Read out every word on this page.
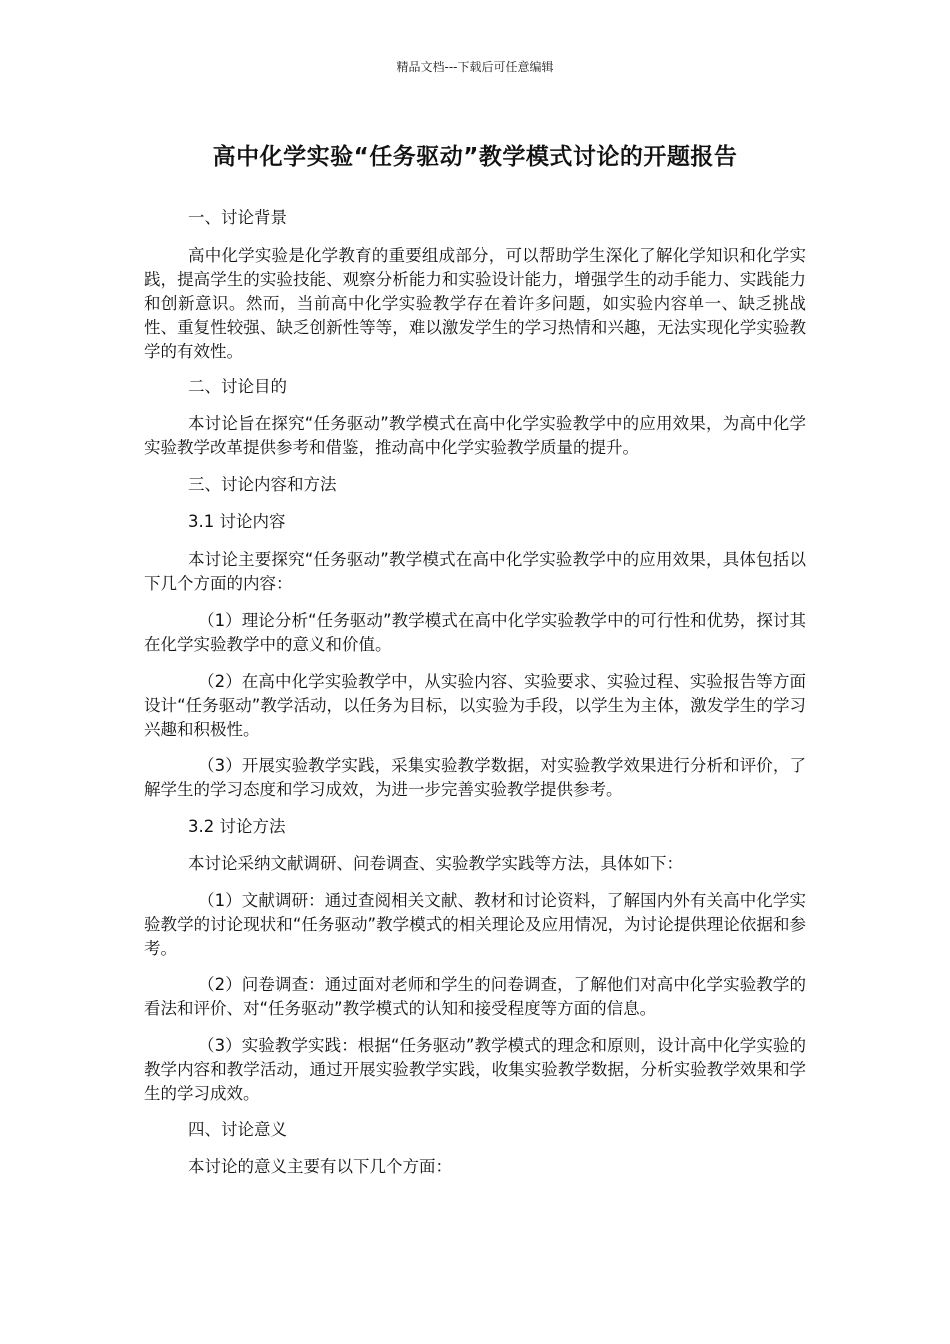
精品文档---下载后可任意编辑
高中化学实验“任务驱动”教学模式讨论的开题报告

一、讨论背景

高中化学实验是化学教育的重要组成部分，可以帮助学生深化了解化学知识和化学实践，提高学生的实验技能、观察分析能力和实验设计能力，增强学生的动手能力、实践能力和创新意识。然而，当前高中化学实验教学存在着许多问题，如实验内容单一、缺乏挑战性、重复性较强、缺乏创新性等等，难以激发学生的学习热情和兴趣，无法实现化学实验教学的有效性。

二、讨论目的

本讨论旨在探究“任务驱动”教学模式在高中化学实验教学中的应用效果，为高中化学实验教学改革提供参考和借鉴，推动高中化学实验教学质量的提升。

三、讨论内容和方法

3.1 讨论内容

本讨论主要探究“任务驱动”教学模式在高中化学实验教学中的应用效果，具体包括以下几个方面的内容：

（1）理论分析“任务驱动”教学模式在高中化学实验教学中的可行性和优势，探讨其在化学实验教学中的意义和价值。

（2）在高中化学实验教学中，从实验内容、实验要求、实验过程、实验报告等方面设计“任务驱动”教学活动，以任务为目标，以实验为手段，以学生为主体，激发学生的学习兴趣和积极性。

（3）开展实验教学实践，采集实验教学数据，对实验教学效果进行分析和评价，了解学生的学习态度和学习成效，为进一步完善实验教学提供参考。

3.2 讨论方法

本讨论采纳文献调研、问卷调查、实验教学实践等方法，具体如下：

（1）文献调研：通过查阅相关文献、教材和讨论资料，了解国内外有关高中化学实验教学的讨论现状和“任务驱动”教学模式的相关理论及应用情况，为讨论提供理论依据和参考。

（2）问卷调查：通过面对老师和学生的问卷调查，了解他们对高中化学实验教学的看法和评价、对“任务驱动”教学模式的认知和接受程度等方面的信息。

（3）实验教学实践：根据“任务驱动”教学模式的理念和原则，设计高中化学实验的教学内容和教学活动，通过开展实验教学实践，收集实验教学数据，分析实验教学效果和学生的学习成效。

四、讨论意义

本讨论的意义主要有以下几个方面：
